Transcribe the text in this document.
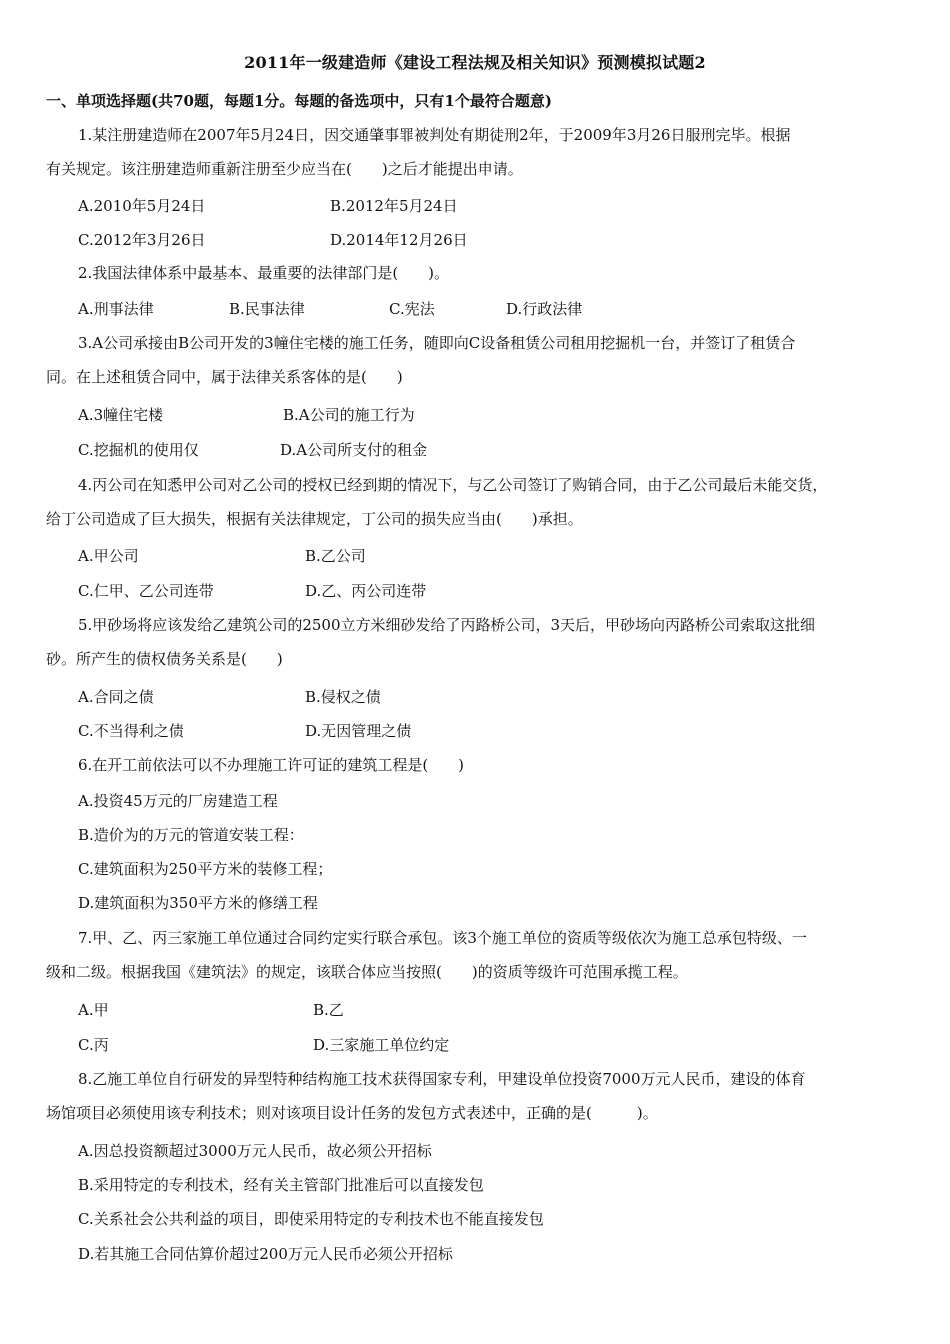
2011年一级建造师《建设工程法规及相关知识》预测模拟试题2
一、单项选择题(共70题，每题1分。每题的备选项中，只有1个最符合题意)

1.某注册建造师在2007年5月24日，因交通肇事罪被判处有期徒刑2年，于2009年3月26日服刑完毕。根据

有关规定。该注册建造师重新注册至少应当在(　　)之后才能提出申请。

A.2010年5月24日	B.2012年5月24日
C.2012年3月26日	D.2014年12月26日

2.我国法律体系中最基本、最重要的法律部门是(　　)。

A.刑事法律	B.民事法律	C.宪法	D.行政法律

3.A公司承接由B公司开发的3幢住宅楼的施工任务，随即向C设备租赁公司租用挖掘机一台，并签订了租赁合

同。在上述租赁合同中，属于法律关系客体的是(　　)

A.3幢住宅楼	B.A公司的施工行为
C.挖掘机的使用仅	D.A公司所支付的租金

4.丙公司在知悉甲公司对乙公司的授权已经到期的情况下，与乙公司签订了购销合同，由于乙公司最后未能交货，

给丁公司造成了巨大损失，根据有关法律规定，丁公司的损失应当由(　　)承担。

A.甲公司	B.乙公司
C.仁甲、乙公司连带	D.乙、丙公司连带

5.甲砂场将应该发给乙建筑公司的2500立方米细砂发给了丙路桥公司，3天后，甲砂场向丙路桥公司索取这批细

砂。所产生的债权债务关系是(　　)

A.合同之债	B.侵权之债
C.不当得利之债	D.无因管理之债

6.在开工前依法可以不办理施工许可证的建筑工程是(　　)

A.投资45万元的厂房建造工程
B.造价为的万元的管道安装工程：
C.建筑面积为250平方米的装修工程；
D.建筑面积为350平方米的修缮工程

7.甲、乙、丙三家施工单位通过合同约定实行联合承包。该3个施工单位的资质等级依次为施工总承包特级、一

级和二级。根据我国《建筑法》的规定，该联合体应当按照(　　)的资质等级许可范围承揽工程。

A.甲	B.乙
C.丙	D.三家施工单位约定

8.乙施工单位自行研发的异型特种结构施工技术获得国家专利，甲建设单位投资7000万元人民币，建设的体育

场馆项目必须使用该专利技术；则对该项目设计任务的发包方式表述中，正确的是(　　　)。

A.因总投资额超过3000万元人民币，故必须公开招标
B.采用特定的专利技术，经有关主管部门批准后可以直接发包
C.关系社会公共利益的项目，即使采用特定的专利技术也不能直接发包
D.若其施工合同估算价超过200万元人民币必须公开招标
